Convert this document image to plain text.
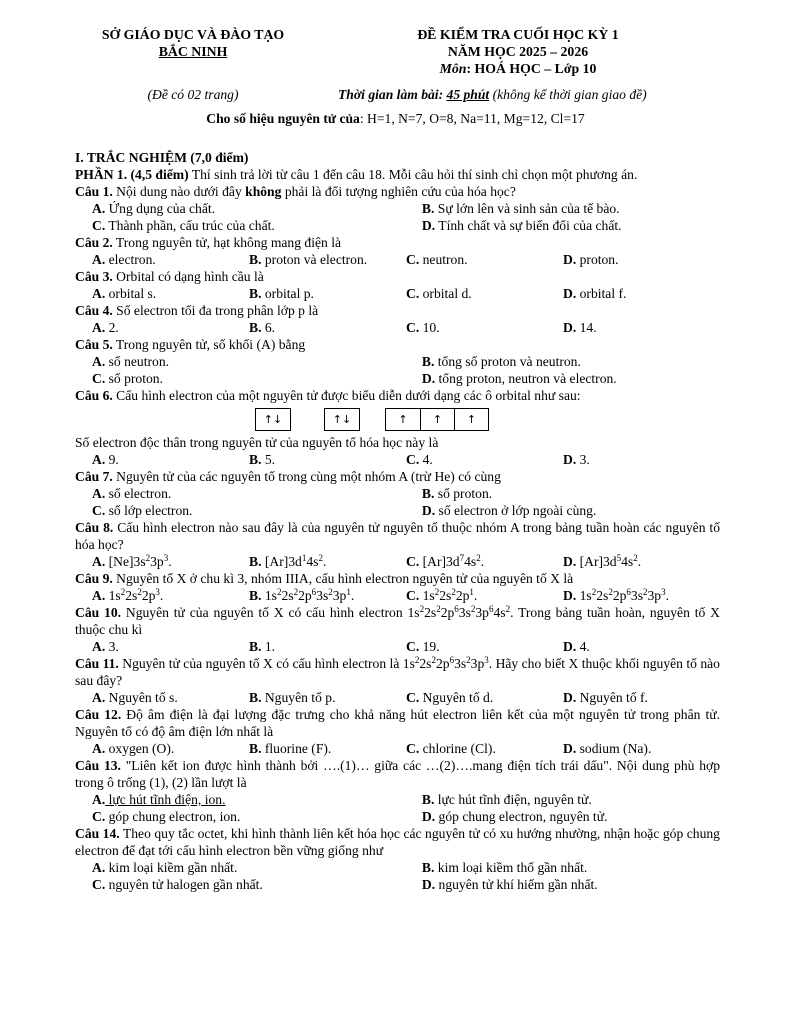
SỞ GIÁO DỤC VÀ ĐÀO TẠO
BẮC NINH
ĐỀ KIỂM TRA CUỐI HỌC KỲ 1
NĂM HỌC 2025 – 2026
Môn: HOÁ HỌC – Lớp 10
(Đề có 02 trang)	Thời gian làm bài: 45 phút (không kể thời gian giao đề)
Cho số hiệu nguyên tử của: H=1, N=7, O=8, Na=11, Mg=12, Cl=17
I. TRẮC NGHIỆM (7,0 điểm)
PHẦN 1. (4,5 điểm) Thí sinh trả lời từ câu 1 đến câu 18. Mỗi câu hỏi thí sinh chỉ chọn một phương án.
Câu 1. Nội dung nào dưới đây không phải là đối tượng nghiên cứu của hóa học?
A. Ứng dụng của chất.	B. Sự lớn lên và sinh sản của tế bào.
C. Thành phần, cấu trúc của chất.	D. Tính chất và sự biến đổi của chất.
Câu 2. Trong nguyên tử, hạt không mang điện là
A. electron.	B. proton và electron.	C. neutron.	D. proton.
Câu 3. Orbital có dạng hình cầu là
A. orbital s.	B. orbital p.	C. orbital d.	D. orbital f.
Câu 4. Số electron tối đa trong phân lớp p là
A. 2.	B. 6.	C. 10.	D. 14.
Câu 5. Trong nguyên tử, số khối (A) bằng
A. số neutron.	B. tổng số proton và neutron.
C. số proton.	D. tổng proton, neutron và electron.
Câu 6. Cấu hình electron của một nguyên tử được biểu diễn dưới dạng các ô orbital như sau:
↑↓	↑↓	↑	↑	↑
Số electron độc thân trong nguyên tử của nguyên tố hóa học này là
A. 9.	B. 5.	C. 4.	D. 3.
Câu 7. Nguyên tử của các nguyên tố trong cùng một nhóm A (trừ He) có cùng
A. số electron.	B. số proton.
C. số lớp electron.	D. số electron ở lớp ngoài cùng.
Câu 8. Cấu hình electron nào sau đây là của nguyên tử nguyên tố thuộc nhóm A trong bảng tuần hoàn các nguyên tố hóa học?
A. $[Ne]3s^23p^3$.	B. $[Ar]3d^14s^2$.	C. $[Ar]3d^74s^2$.	D. $[Ar]3d^54s^2$.
Câu 9. Nguyên tố X ở chu kì 3, nhóm IIIA, cấu hình electron nguyên tử của nguyên tố X là
A. $1s^22s^22p^3$.	B. $1s^22s^22p^63s^23p^1$.	C. $1s^22s^22p^1$.	D. $1s^22s^22p^63s^23p^3$.
Câu 10. Nguyên tử của nguyên tố X có cấu hình electron $1s^22s^22p^63s^23p^64s^2$. Trong bảng tuần hoàn, nguyên tố X thuộc chu kì
A. 3.	B. 1.	C. 19.	D. 4.
Câu 11. Nguyên tử của nguyên tố X có cấu hình electron là $1s^22s^22p^63s^23p^3$. Hãy cho biết X thuộc khối nguyên tố nào sau đây?
A. Nguyên tố s.	B. Nguyên tố p.	C. Nguyên tố d.	D. Nguyên tố f.
Câu 12. Độ âm điện là đại lượng đặc trưng cho khả năng hút electron liên kết của một nguyên tử trong phân tử. Nguyên tố có độ âm điện lớn nhất là
A. oxygen (O).	B. fluorine (F).	C. chlorine (Cl).	D. sodium (Na).
Câu 13. "Liên kết ion được hình thành bởi ….(1)… giữa các …(2)….mang điện tích trái dấu". Nội dung phù hợp trong ô trống (1), (2) lần lượt là
A. lực hút tĩnh điện, ion.	B. lực hút tĩnh điện, nguyên tử.
C. góp chung electron, ion.	D. góp chung electron, nguyên tử.
Câu 14. Theo quy tắc octet, khi hình thành liên kết hóa học các nguyên tử có xu hướng nhường, nhận hoặc góp chung electron để đạt tới cấu hình electron bền vững giống như
A. kim loại kiềm gần nhất.	B. kim loại kiềm thổ gần nhất.
C. nguyên tử halogen gần nhất.	D. nguyên tử khí hiếm gần nhất.
